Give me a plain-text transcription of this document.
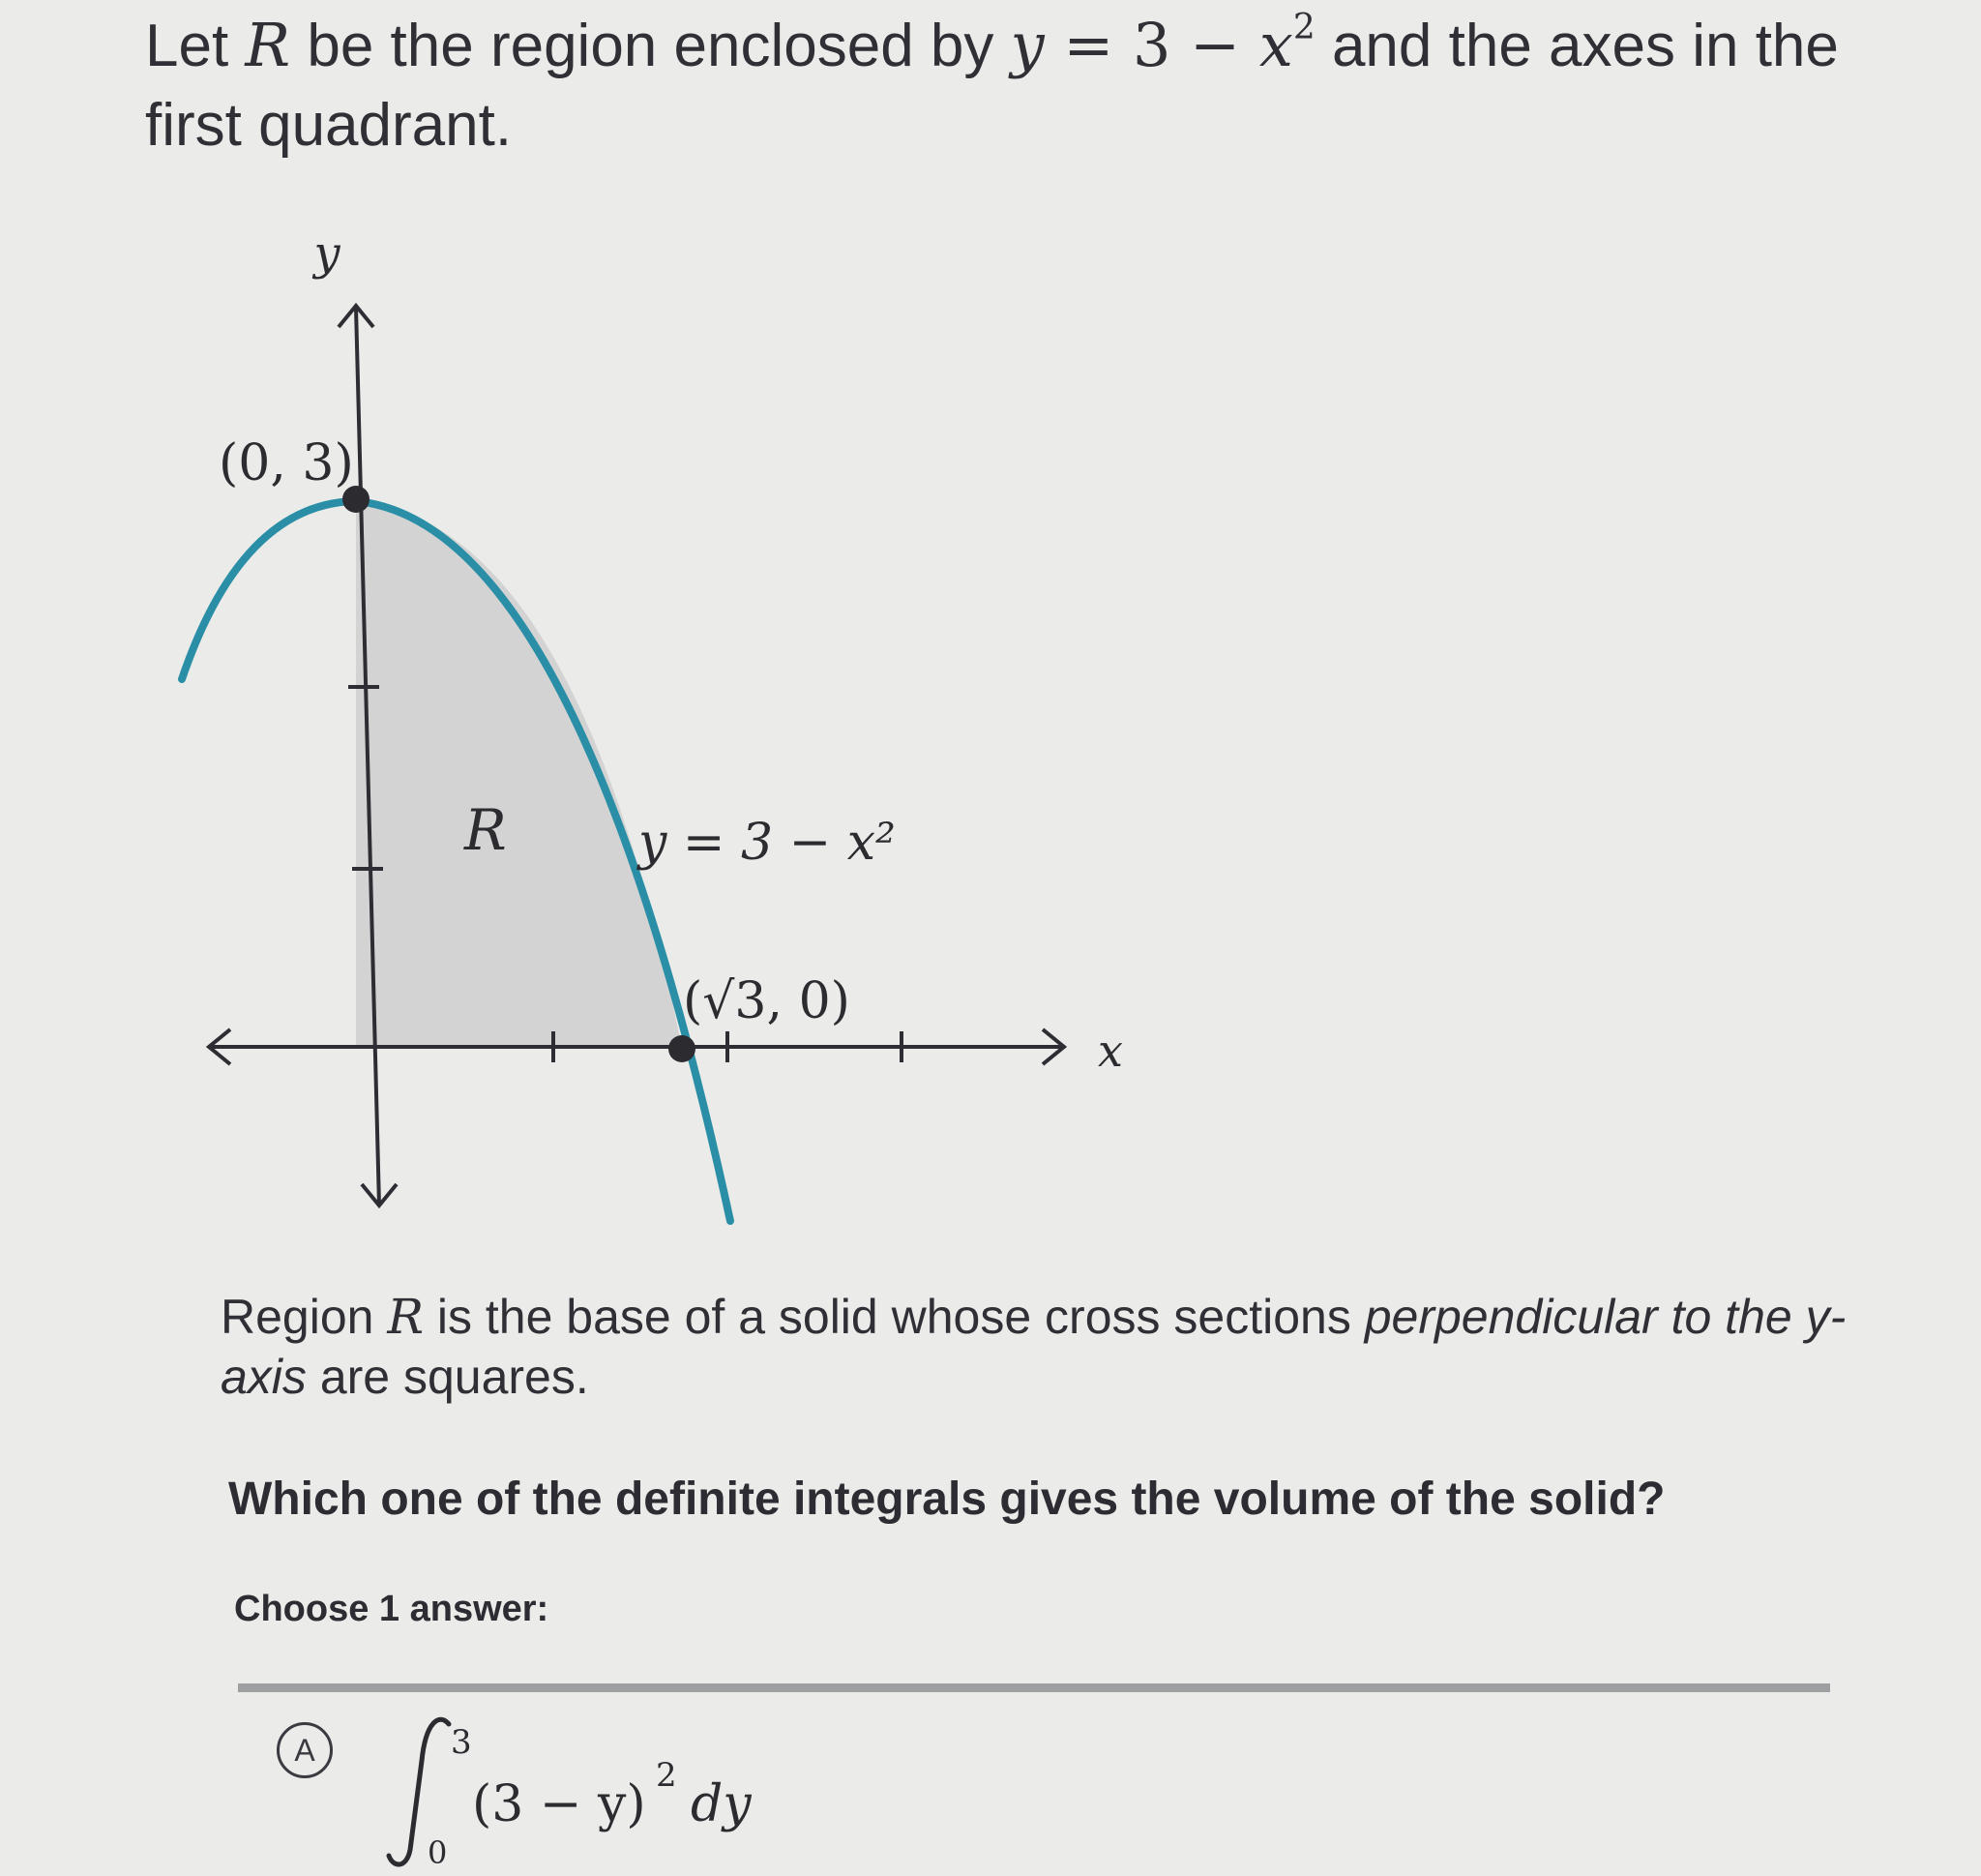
Let R be the region enclosed by $y = 3 - x^2$ and the axes in the first quadrant.
y
x
(0, 3)
(√3, 0)
R	y = 3 − x²
Region R is the base of a solid whose cross sections perpendicular to the y-axis are squares.
Which one of the definite integrals gives the volume of the solid?
Choose 1 answer:
A	3
0
(3 − y) 2 dy
